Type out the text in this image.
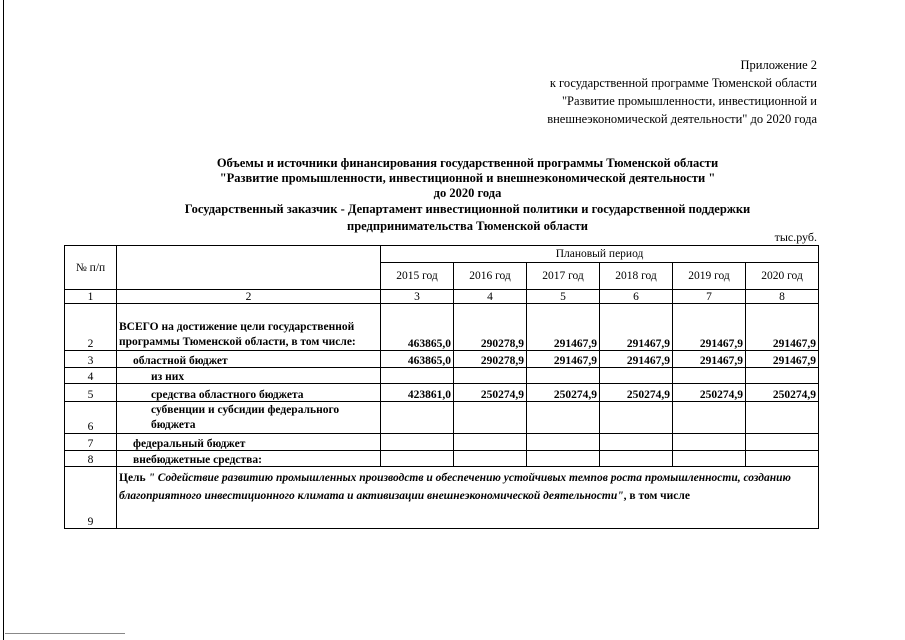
Приложение 2
к государственной программе Тюменской области
"Развитие промышленности, инвестиционной и
внешнеэкономической деятельности" до 2020 года
Объемы и источники финансирования государственной программы Тюменской области
"Развитие промышленности, инвестиционной и внешнеэкономической деятельности "
до 2020 года
Государственный заказчик - Департамент инвестиционной политики и государственной поддержки
предпринимательства Тюменской области
тыс.руб.
№ п/п		Плановый период					
		2015 год	2016 год	2017 год	2018 год	2019 год	2020 год
1	2	3	4	5	6	7	8
2	ВСЕГО на достижение цели государственной программы Тюменской области, в том числе:	463865,0	290278,9	291467,9	291467,9	291467,9	291467,9
3	областной бюджет	463865,0	290278,9	291467,9	291467,9	291467,9	291467,9
4	из них						
5	средства областного бюджета	423861,0	250274,9	250274,9	250274,9	250274,9	250274,9
6	субвенции и субсидии федерального бюджета						
7	федеральный бюджет						
8	внебюджетные средства:						
9	Цель " Содействие развитию промышленных производств и обеспечению устойчивых темпов роста промышленности, созданию благоприятного инвестиционного климата и активизации внешнеэкономической деятельности", в том числе						
